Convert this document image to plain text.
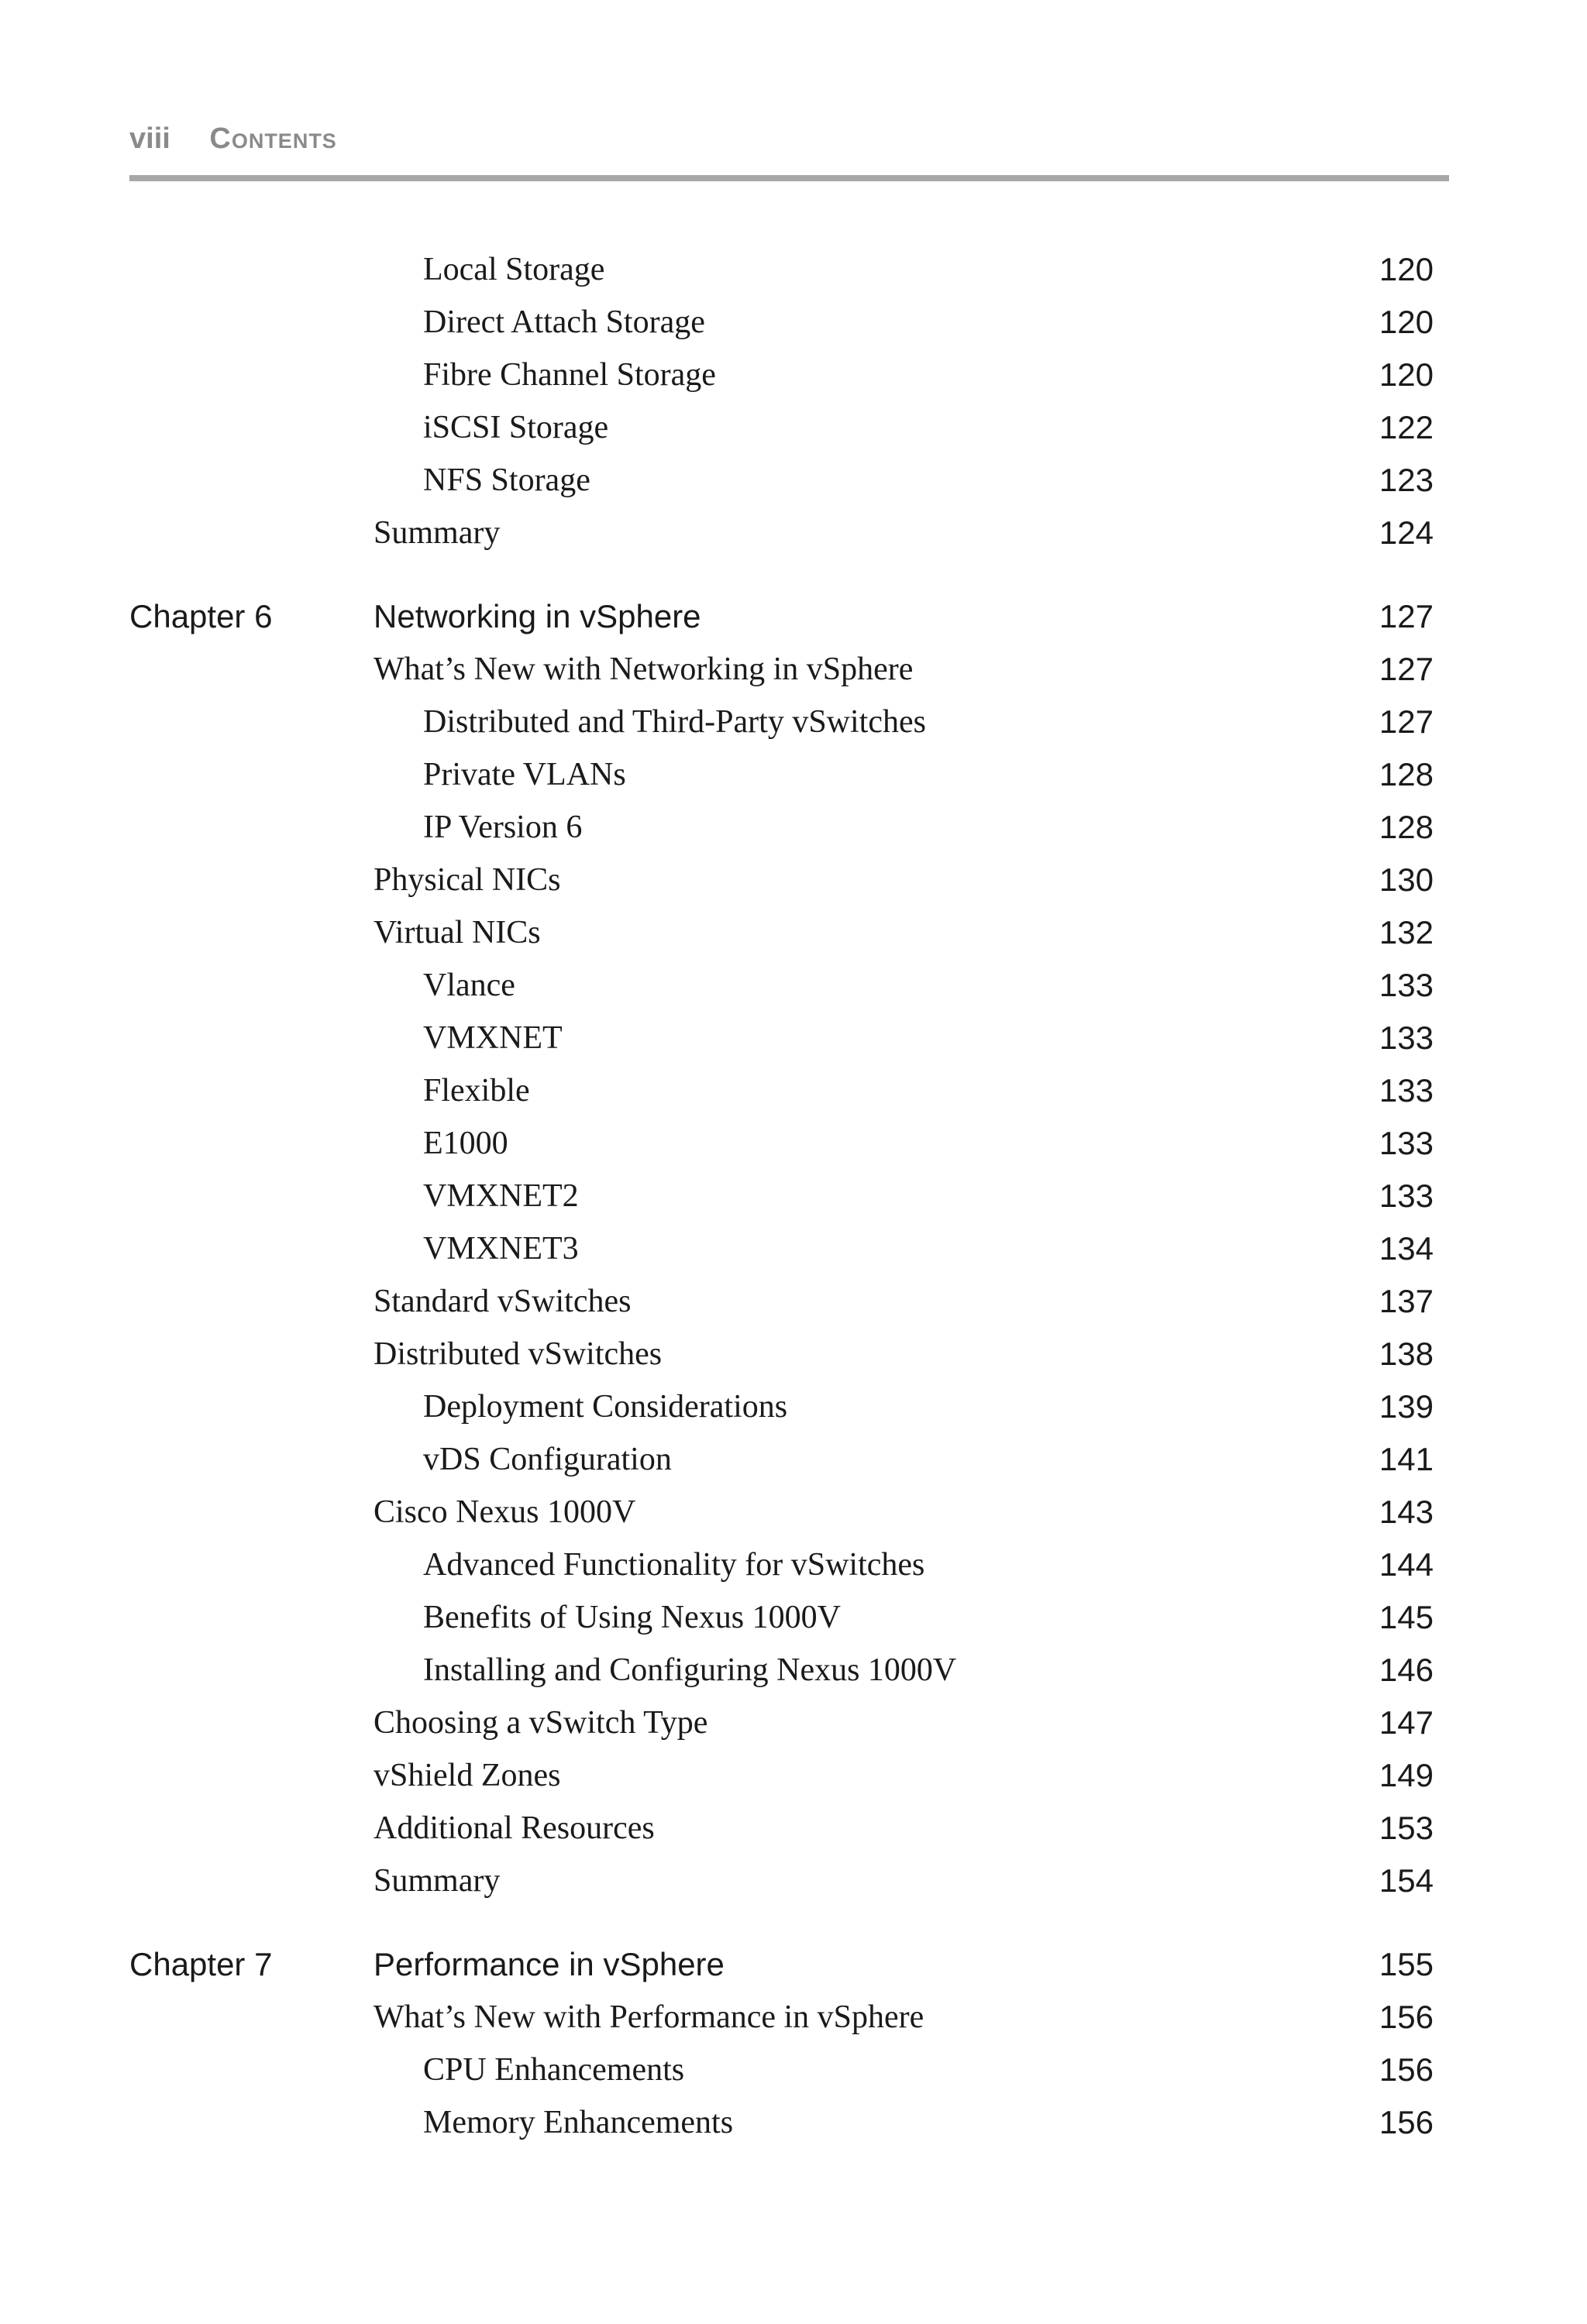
viii Contents
Local Storage	120
Direct Attach Storage	120
Fibre Channel Storage	120
iSCSI Storage	122
NFS Storage	123
Summary	124
Chapter 6	Networking in vSphere	127
What’s New with Networking in vSphere	127
Distributed and Third-Party vSwitches	127
Private VLANs	128
IP Version 6	128
Physical NICs	130
Virtual NICs	132
Vlance	133
VMXNET	133
Flexible	133
E1000	133
VMXNET2	133
VMXNET3	134
Standard vSwitches	137
Distributed vSwitches	138
Deployment Considerations	139
vDS Configuration	141
Cisco Nexus 1000V	143
Advanced Functionality for vSwitches	144
Benefits of Using Nexus 1000V	145
Installing and Configuring Nexus 1000V	146
Choosing a vSwitch Type	147
vShield Zones	149
Additional Resources	153
Summary	154
Chapter 7	Performance in vSphere	155
What’s New with Performance in vSphere	156
CPU Enhancements	156
Memory Enhancements	156
